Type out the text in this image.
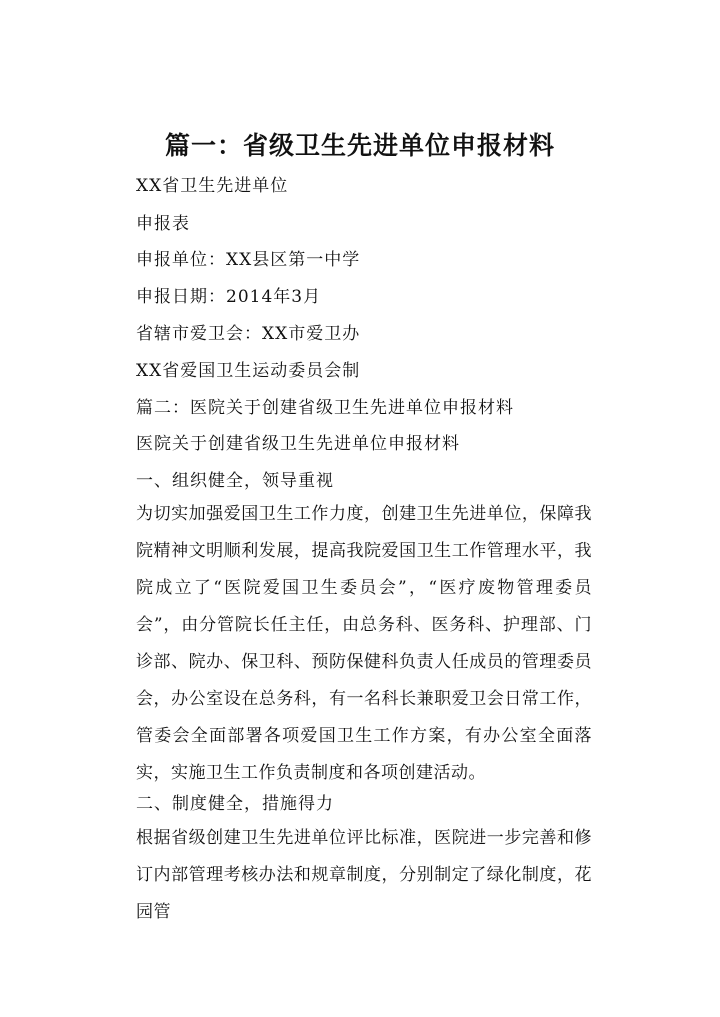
篇一：省级卫生先进单位申报材料
XX省卫生先进单位
申报表
申报单位：XX县区第一中学
申报日期：2014年3月
省辖市爱卫会：XX市爱卫办
XX省爱国卫生运动委员会制
篇二：医院关于创建省级卫生先进单位申报材料
医院关于创建省级卫生先进单位申报材料
一、组织健全，领导重视
为切实加强爱国卫生工作力度，创建卫生先进单位，保障我院精神文明顺利发展，提高我院爱国卫生工作管理水平，我院成立了“医院爱国卫生委员会”，“医疗废物管理委员会”，由分管院长任主任，由总务科、医务科、护理部、门诊部、院办、保卫科、预防保健科负责人任成员的管理委员会，办公室设在总务科，有一名科长兼职爱卫会日常工作，管委会全面部署各项爱国卫生工作方案，有办公室全面落实，实施卫生工作负责制度和各项创建活动。
二、制度健全，措施得力
根据省级创建卫生先进单位评比标准，医院进一步完善和修订内部管理考核办法和规章制度，分别制定了绿化制度，花园管
